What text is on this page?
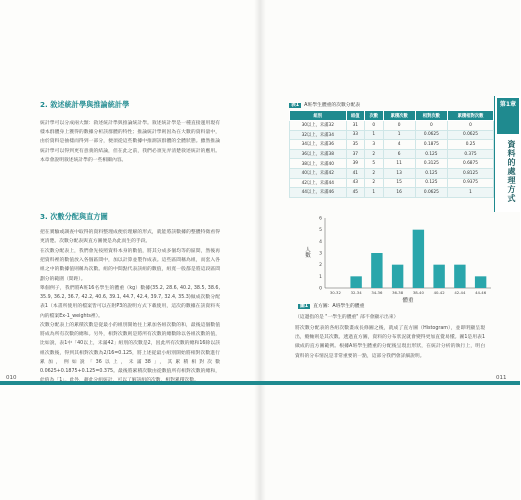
統計學可以分成兩大類：敘述統計學與推論統計學。敘述統計學是一種直接運用現有樣本群體身上獲得的數據分析該群體的特性；推論統計學則因為在大數的資料量中，由於資料是抽樣而得到一部分，便須從這些數據中推測該群體的全體狀態。雖然推論統計學可以得到更有意義的結論，但在此之前，我們必須先弄清楚敘述統計的應用。本章會說明敘述統計學的一些相關內容。

2. 敘述統計學與推論統計學

3. 次數分配與直方圖

把在實驗或調查中取得的資料整理成便於理解的形式，就能將該數據的整體特徵看得更清楚。次數分配表與直方圖便是為此而生的手段。

在次數分配表上，我們會先按照資料本身的數值，將其分成多個均等的區間，然後再把資料裡的數值放入各個區間中，加以計算並製作成表。這些區間稱為組，而套入各組之中的數據值則稱為次數。組的中間點代表該組的數值，組寬一般都是將這段區間劃分的範圍（間距）。

舉個例子，我們將A班16名學生的體重（kg）數據(35.2, 28.6, 40.2, 38.5, 38.6, 35.9, 36.2, 36.7, 42.2, 40.6, 39.1, 44.7, 42.4, 39.7, 32.4, 35.3)做成次數分配表1（本書所使用的檔案皆可以在附P3的說明方式下載使用，這次的數據在該資料夾內的檔案Ex-1_weights裡）。

次數分配表上的累積次數是從最小的組別開始往上累加各組次數的和，最後這個數值將成為所有次數的總和。另外，相對次數則是將所有次數的總數除以各組次數的值，比如說，表1中「40以上，未滿42」組別的次數是2，因此所有次數的總和16除以該組次數後，得到其相對次數為2/16=0.125，將上述從最小組別開始將相對次數進行累加，例如說「36以上，未滿38」，其累積相對次數0.0625+0.1875+0.125=0.375。最後將累積次數由從數值所有相對次數的總和，

010	011

（這邊指的是 "一學生的體重" 部不會顯示出來）

將次數分配表的各組次數畫成長條圖之後，就成了直方圖（Histogram），並即明顯呈現出，縱軸則是其次數。透過直方圖，資料的分布狀況就會變得更加直覺易懂。圖1是用表1做成的直方圖範例。根據A班學生體重的分配後呈現出形狀，在統計分析的執行上，明白資料的分布情況是非常重要的一點，這部分我們會詳細說明。

表1 A班學生體重的次數分配表

組別	組值	次數	累積次數	相對次數	累積相對次數
30以上，未滿32	31	0	0	0	0
32以上，未滿34	33	1	1	0.0625	0.0625
34以上，未滿36	35	3	4	0.1875	0.25
36以上，未滿38	37	2	6	0.125	0.375
38以上，未滿40	39	5	11	0.3125	0.6875
40以上，未滿42	41	2	13	0.125	0.8125
42以上，未滿44	43	2	15	0.125	0.9375
44以上，未滿46	45	1	16	0.0625	1
0
1
2
3
4
5
6
30-32	32-34	34-36	36-38	38-40	40-42	42-44	44-46
人數
體重

圖1 直方圖：A班學生的體重

第1章
資料的處理方式
